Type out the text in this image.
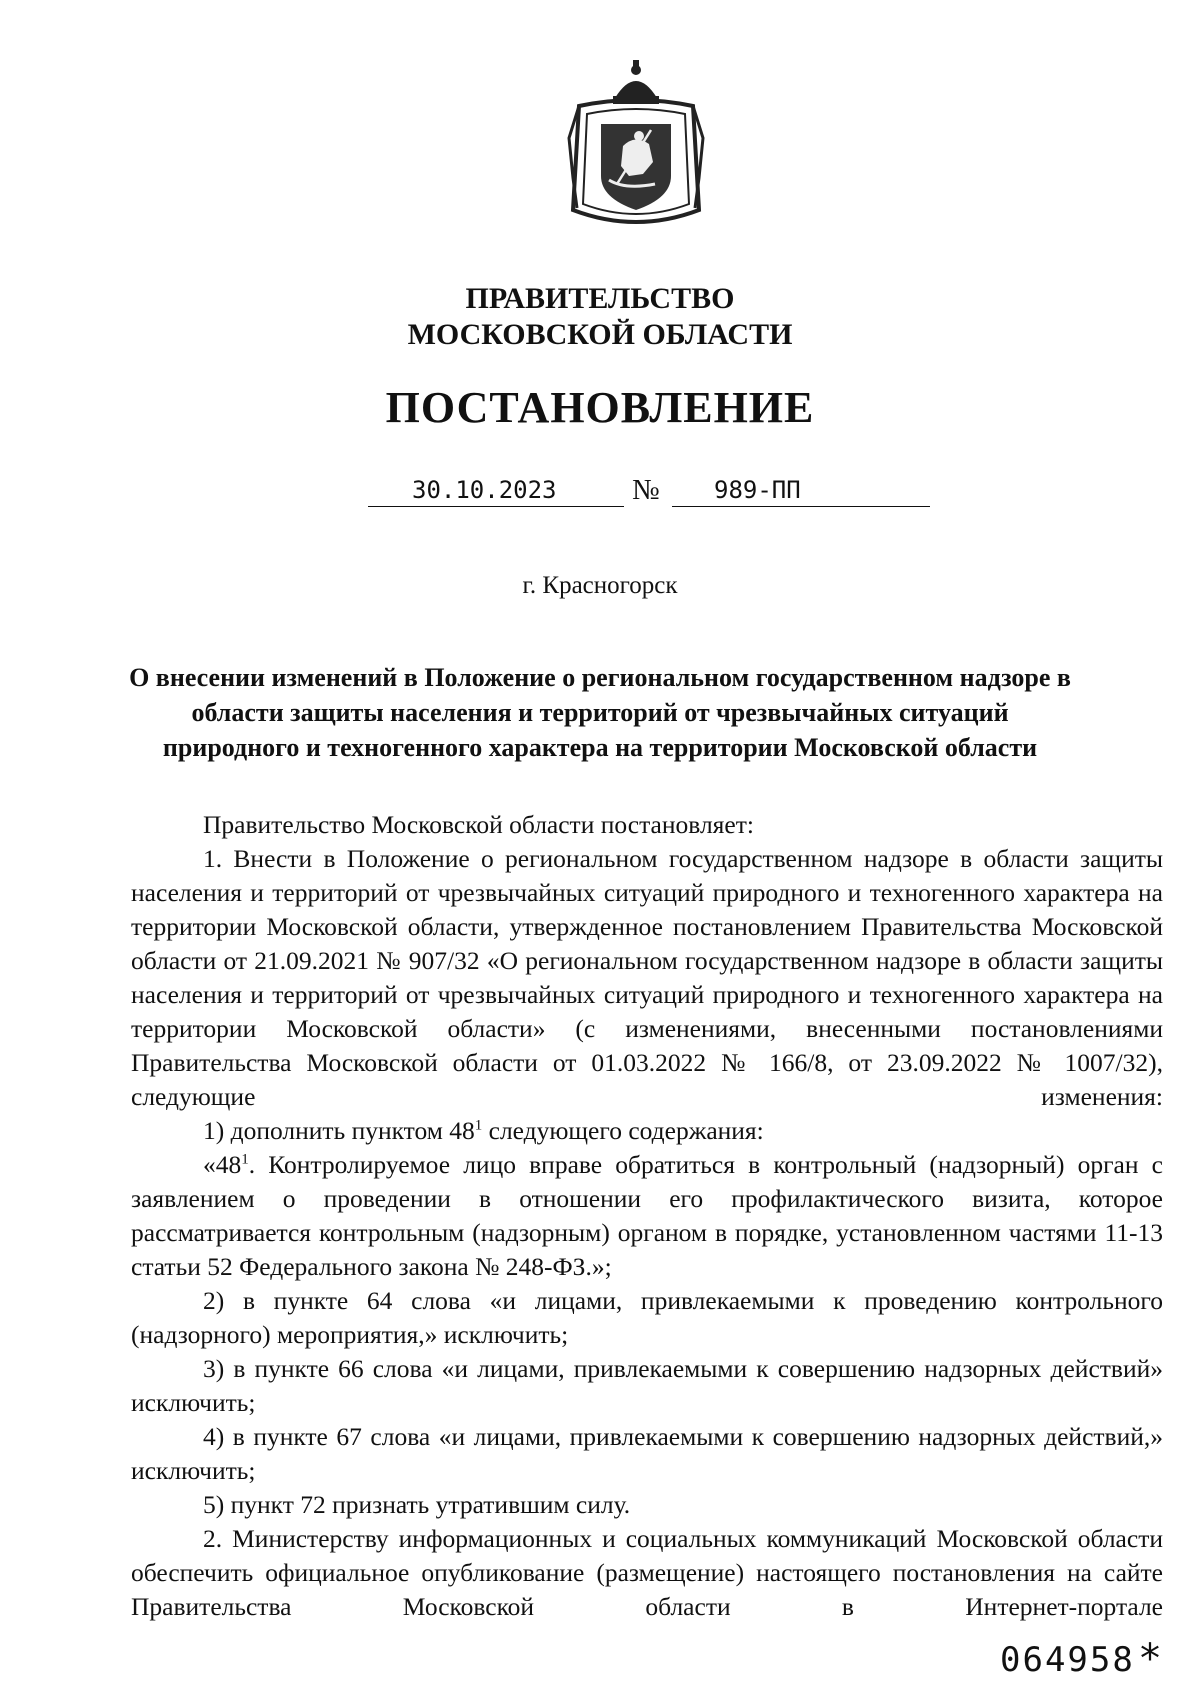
ПРАВИТЕЛЬСТВО
МОСКОВСКОЙ ОБЛАСТИ
ПОСТАНОВЛЕНИЕ
30.10.2023	№ 989-ПП
г. Красногорск
О внесении изменений в Положение о региональном государственном надзоре в области защиты населения и территорий от чрезвычайных ситуаций природного и техногенного характера на территории Московской области

Правительство Московской области постановляет:

1. Внести в Положение о региональном государственном надзоре в области защиты населения и территорий от чрезвычайных ситуаций природного и техногенного характера на территории Московской области, утвержденное постановлением Правительства Московской области от 21.09.2021 № 907/32 «О региональном государственном надзоре в области защиты населения и территорий от чрезвычайных ситуаций природного и техногенного характера на территории Московской области» (с изменениями, внесенными постановлениями Правительства Московской области от 01.03.2022 № 166/8, от 23.09.2022 № 1007/32), следующие изменения:

1) дополнить пунктом $48^1$ следующего содержания:

«$48^1$. Контролируемое лицо вправе обратиться в контрольный (надзорный) орган с заявлением о проведении в отношении его профилактического визита, которое рассматривается контрольным (надзорным) органом в порядке, установленном частями 11-13 статьи 52 Федерального закона № 248-ФЗ.»;

2) в пункте 64 слова «и лицами, привлекаемыми к проведению контрольного (надзорного) мероприятия,» исключить;

3) в пункте 66 слова «и лицами, привлекаемыми к совершению надзорных действий» исключить;

4) в пункте 67 слова «и лицами, привлекаемыми к совершению надзорных действий,» исключить;

5) пункт 72 признать утратившим силу.

2. Министерству информационных и социальных коммуникаций Московской области обеспечить официальное опубликование (размещение) настоящего постановления на сайте Правительства Московской области в Интернет-портале

064958 *
